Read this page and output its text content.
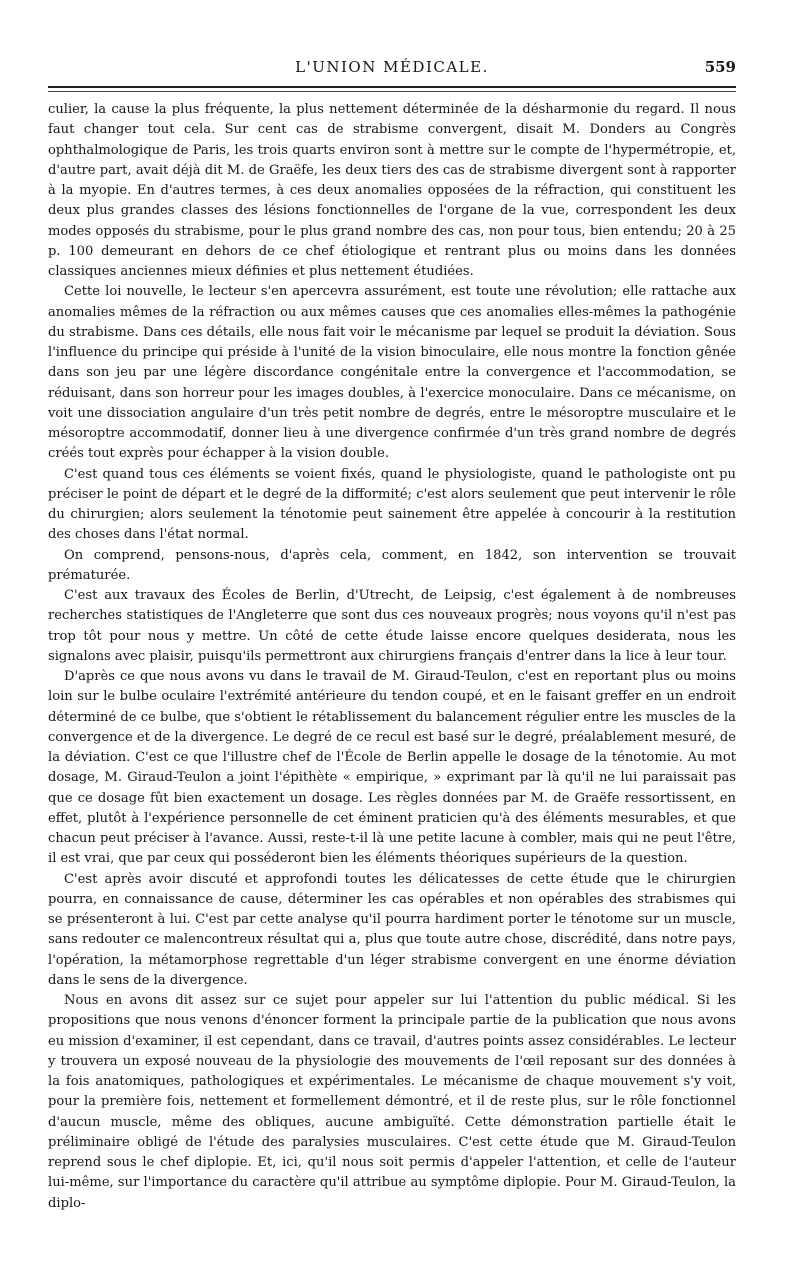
L'UNION MÉDICALE.	559

culier, la cause la plus fréquente, la plus nettement déterminée de la désharmonie du regard. Il nous faut changer tout cela. Sur cent cas de strabisme convergent, disait M. Donders au Congrès ophthalmologique de Paris, les trois quarts environ sont à mettre sur le compte de l'hypermétropie, et, d'autre part, avait déjà dit M. de Graëfe, les deux tiers des cas de strabisme divergent sont à rapporter à la myopie. En d'autres termes, à ces deux anomalies opposées de la réfraction, qui constituent les deux plus grandes classes des lésions fonctionnelles de l'organe de la vue, correspondent les deux modes opposés du strabisme, pour le plus grand nombre des cas, non pour tous, bien entendu; 20 à 25 p. 100 demeurant en dehors de ce chef étiologique et rentrant plus ou moins dans les données classiques anciennes mieux définies et plus nettement étudiées.

Cette loi nouvelle, le lecteur s'en apercevra assurément, est toute une révolution; elle rattache aux anomalies mêmes de la réfraction ou aux mêmes causes que ces anomalies elles-mêmes la pathogénie du strabisme. Dans ces détails, elle nous fait voir le mécanisme par lequel se produit la déviation. Sous l'influence du principe qui préside à l'unité de la vision binoculaire, elle nous montre la fonction gênée dans son jeu par une légère discordance congénitale entre la convergence et l'accommodation, se réduisant, dans son horreur pour les images doubles, à l'exercice monoculaire. Dans ce mécanisme, on voit une dissociation angulaire d'un très petit nombre de degrés, entre le mésoroptre musculaire et le mésoroptre accommodatif, donner lieu à une divergence confirmée d'un très grand nombre de degrés créés tout exprès pour échapper à la vision double.

C'est quand tous ces éléments se voient fixés, quand le physiologiste, quand le pathologiste ont pu préciser le point de départ et le degré de la difformité; c'est alors seulement que peut intervenir le rôle du chirurgien; alors seulement la ténotomie peut sainement être appelée à concourir à la restitution des choses dans l'état normal.

On comprend, pensons-nous, d'après cela, comment, en 1842, son intervention se trouvait prématurée.

C'est aux travaux des Écoles de Berlin, d'Utrecht, de Leipsig, c'est également à de nombreuses recherches statistiques de l'Angleterre que sont dus ces nouveaux progrès; nous voyons qu'il n'est pas trop tôt pour nous y mettre. Un côté de cette étude laisse encore quelques desiderata, nous les signalons avec plaisir, puisqu'ils permettront aux chirurgiens français d'entrer dans la lice à leur tour.

D'après ce que nous avons vu dans le travail de M. Giraud-Teulon, c'est en reportant plus ou moins loin sur le bulbe oculaire l'extrémité antérieure du tendon coupé, et en le faisant greffer en un endroit déterminé de ce bulbe, que s'obtient le rétablissement du balancement régulier entre les muscles de la convergence et de la divergence. Le degré de ce recul est basé sur le degré, préalablement mesuré, de la déviation. C'est ce que l'illustre chef de l'École de Berlin appelle le dosage de la ténotomie. Au mot dosage, M. Giraud-Teulon a joint l'épithète « empirique, » exprimant par là qu'il ne lui paraissait pas que ce dosage fût bien exactement un dosage. Les règles données par M. de Graëfe ressortissent, en effet, plutôt à l'expérience personnelle de cet éminent praticien qu'à des éléments mesurables, et que chacun peut préciser à l'avance. Aussi, reste-t-il là une petite lacune à combler, mais qui ne peut l'être, il est vrai, que par ceux qui posséderont bien les éléments théoriques supérieurs de la question.

C'est après avoir discuté et approfondi toutes les délicatesses de cette étude que le chirurgien pourra, en connaissance de cause, déterminer les cas opérables et non opérables des strabismes qui se présenteront à lui. C'est par cette analyse qu'il pourra hardiment porter le ténotome sur un muscle, sans redouter ce malencontreux résultat qui a, plus que toute autre chose, discrédité, dans notre pays, l'opération, la métamorphose regrettable d'un léger strabisme convergent en une énorme déviation dans le sens de la divergence.

Nous en avons dit assez sur ce sujet pour appeler sur lui l'attention du public médical. Si les propositions que nous venons d'énoncer forment la principale partie de la publication que nous avons eu mission d'examiner, il est cependant, dans ce travail, d'autres points assez considérables. Le lecteur y trouvera un exposé nouveau de la physiologie des mouvements de l'œil reposant sur des données à la fois anatomiques, pathologiques et expérimentales. Le mécanisme de chaque mouvement s'y voit, pour la première fois, nettement et formellement démontré, et il de reste plus, sur le rôle fonctionnel d'aucun muscle, même des obliques, aucune ambiguïté. Cette démonstration partielle était le préliminaire obligé de l'étude des paralysies musculaires. C'est cette étude que M. Giraud-Teulon reprend sous le chef diplopie. Et, ici, qu'il nous soit permis d'appeler l'attention, et celle de l'auteur lui-même, sur l'importance du caractère qu'il attribue au symptôme diplopie. Pour M. Giraud-Teulon, la diplo-
